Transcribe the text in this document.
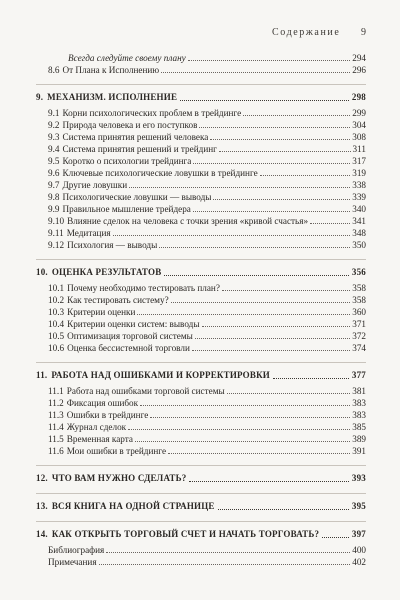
Содержание 9
Всегда следуйте своему плану	294
8.6 От Плана к Исполнению	296
9. МЕХАНИЗМ. ИСПОЛНЕНИЕ	298
9.1 Корни психологических проблем в трейдинге	299
9.2 Природа человека и его поступков	304
9.3 Система принятия решений человека	308
9.4 Система принятия решений и трейдинг	311
9.5 Коротко о психологии трейдинга	317
9.6 Ключевые психологические ловушки в трейдинге	319
9.7 Другие ловушки	338
9.8 Психологические ловушки — выводы	339
9.9 Правильное мышление трейдера	340
9.10 Влияние сделок на человека с точки зрения «кривой счастья»	341
9.11 Медитация	348
9.12 Психология — выводы	350
10. ОЦЕНКА РЕЗУЛЬТАТОВ	356
10.1 Почему необходимо тестировать план?	358
10.2 Как тестировать систему?	358
10.3 Критерии оценки	360
10.4 Критерии оценки систем: выводы	371
10.5 Оптимизация торговой системы	372
10.6 Оценка бессистемной торговли	374
11. РАБОТА НАД ОШИБКАМИ И КОРРЕКТИРОВКИ	377
11.1 Работа над ошибками торговой системы	381
11.2 Фиксация ошибок	383
11.3 Ошибки в трейдинге	383
11.4 Журнал сделок	385
11.5 Временная карта	389
11.6 Мои ошибки в трейдинге	391
12. ЧТО ВАМ НУЖНО СДЕЛАТЬ?	393
13. ВСЯ КНИГА НА ОДНОЙ СТРАНИЦЕ	395
14. КАК ОТКРЫТЬ ТОРГОВЫЙ СЧЕТ И НАЧАТЬ ТОРГОВАТЬ?	397
Библиография	400
Примечания	402
